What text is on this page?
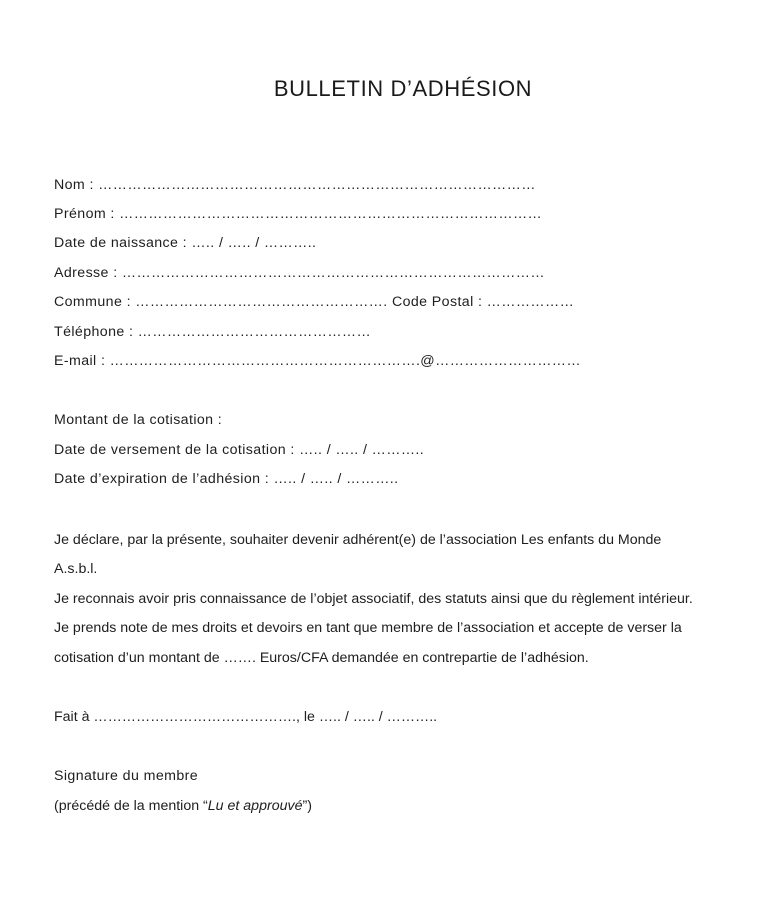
BULLETIN D’ADHÉSION
Nom : ………………………………………………………………………………
Prénom : ……………………………………………………………………………
Date de naissance : ….. / ….. / ………..
Adresse : ……………………………………………………………………………
Commune : ……………………………………………. Code Postal : ………………
Téléphone : …………………………………………
E-mail : ……………………………………………………….@…………………………
Montant de la cotisation :
Date de versement de la cotisation : ….. / ….. / ………..
Date d’expiration de l’adhésion : ….. / ….. / ………..
Je déclare, par la présente, souhaiter devenir adhérent(e) de l’association Les enfants du Monde
A.s.b.l.
Je reconnais avoir pris connaissance de l’objet associatif, des statuts ainsi que du règlement intérieur.
Je prends note de mes droits et devoirs en tant que membre de l’association et accepte de verser la
cotisation d’un montant de ……. Euros/CFA demandée en contrepartie de l’adhésion.
Fait à ……………………………………., le ….. / ….. / ………..
Signature du membre
(précédé de la mention “Lu et approuvé”)
